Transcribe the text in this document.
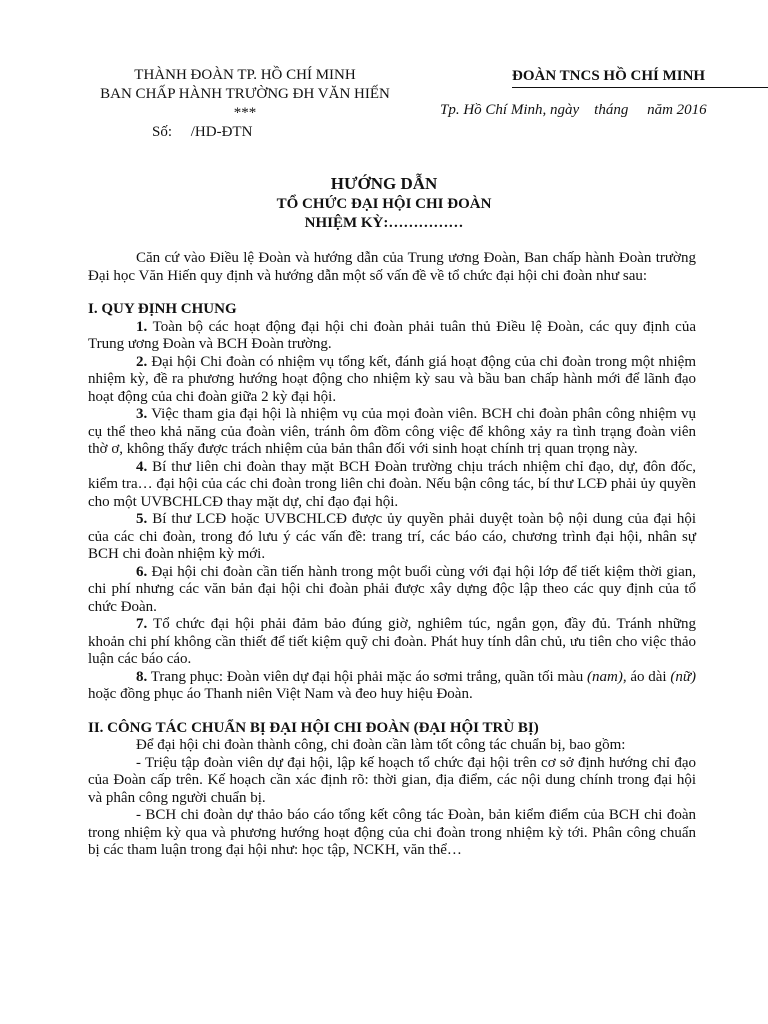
THÀNH ĐOÀN TP. HỒ CHÍ MINH
BAN CHẤP HÀNH TRƯỜNG ĐH VĂN HIẾN
***
Số: /HD-ĐTN
ĐOÀN TNCS HỒ CHÍ MINH
Tp. Hồ Chí Minh, ngày    tháng     năm 2016
HƯỚNG DẪN
TỔ CHỨC ĐẠI HỘI CHI ĐOÀN
NHIỆM KỲ:……………

Căn cứ vào Điều lệ Đoàn và hướng dẫn của Trung ương Đoàn, Ban chấp hành Đoàn trường Đại học Văn Hiến quy định và hướng dẫn một số vấn đề về tổ chức đại hội chi đoàn như sau:

I. QUY ĐỊNH CHUNG

1. Toàn bộ các hoạt động đại hội chi đoàn phải tuân thủ Điều lệ Đoàn, các quy định của Trung ương Đoàn và BCH Đoàn trường.

2. Đại hội Chi đoàn có nhiệm vụ tổng kết, đánh giá hoạt động của chi đoàn trong một nhiệm nhiệm kỳ, đề ra phương hướng hoạt động cho nhiệm kỳ sau và bầu ban chấp hành mới để lãnh đạo hoạt động của chi đoàn giữa 2 kỳ đại hội.

3. Việc tham gia đại hội là nhiệm vụ của mọi đoàn viên. BCH chi đoàn phân công nhiệm vụ cụ thể theo khả năng của đoàn viên, tránh ôm đồm công việc để không xảy ra tình trạng đoàn viên thờ ơ, không thấy được trách nhiệm của bản thân đối với sinh hoạt chính trị quan trọng này.

4. Bí thư liên chi đoàn thay mặt BCH Đoàn trường chịu trách nhiệm chỉ đạo, dự, đôn đốc, kiểm tra… đại hội của các chi đoàn trong liên chi đoàn. Nếu bận công tác, bí thư LCĐ phải ủy quyền cho một UVBCHLCĐ thay mặt dự, chỉ đạo đại hội.

5. Bí thư LCĐ hoặc UVBCHLCĐ được ủy quyền phải duyệt toàn bộ nội dung của đại hội của các chi đoàn, trong đó lưu ý các vấn đề: trang trí, các báo cáo, chương trình đại hội, nhân sự BCH chi đoàn nhiệm kỳ mới.

6. Đại hội chi đoàn cần tiến hành trong một buổi cùng với đại hội lớp để tiết kiệm thời gian, chi phí nhưng các văn bản đại hội chi đoàn phải được xây dựng độc lập theo các quy định của tổ chức Đoàn.

7. Tổ chức đại hội phải đảm bảo đúng giờ, nghiêm túc, ngắn gọn, đầy đủ. Tránh những khoản chi phí không cần thiết để tiết kiệm quỹ chi đoàn. Phát huy tính dân chủ, ưu tiên cho việc thảo luận các báo cáo.

8. Trang phục: Đoàn viên dự đại hội phải mặc áo sơmi trắng, quần tối màu (nam), áo dài (nữ) hoặc đồng phục áo Thanh niên Việt Nam và đeo huy hiệu Đoàn.

II. CÔNG TÁC CHUẨN BỊ ĐẠI HỘI CHI ĐOÀN (ĐẠI HỘI TRÙ BỊ)

Để đại hội chi đoàn thành công, chi đoàn cần làm tốt công tác chuẩn bị, bao gồm:

- Triệu tập đoàn viên dự đại hội, lập kế hoạch tổ chức đại hội trên cơ sở định hướng chỉ đạo của Đoàn cấp trên. Kế hoạch cần xác định rõ: thời gian, địa điểm, các nội dung chính trong đại hội và phân công người chuẩn bị.

- BCH chi đoàn dự thảo báo cáo tổng kết công tác Đoàn, bản kiểm điểm của BCH chi đoàn trong nhiệm kỳ qua và phương hướng hoạt động của chi đoàn trong nhiệm kỳ tới. Phân công chuẩn bị các tham luận trong đại hội như: học tập, NCKH, văn thể…
